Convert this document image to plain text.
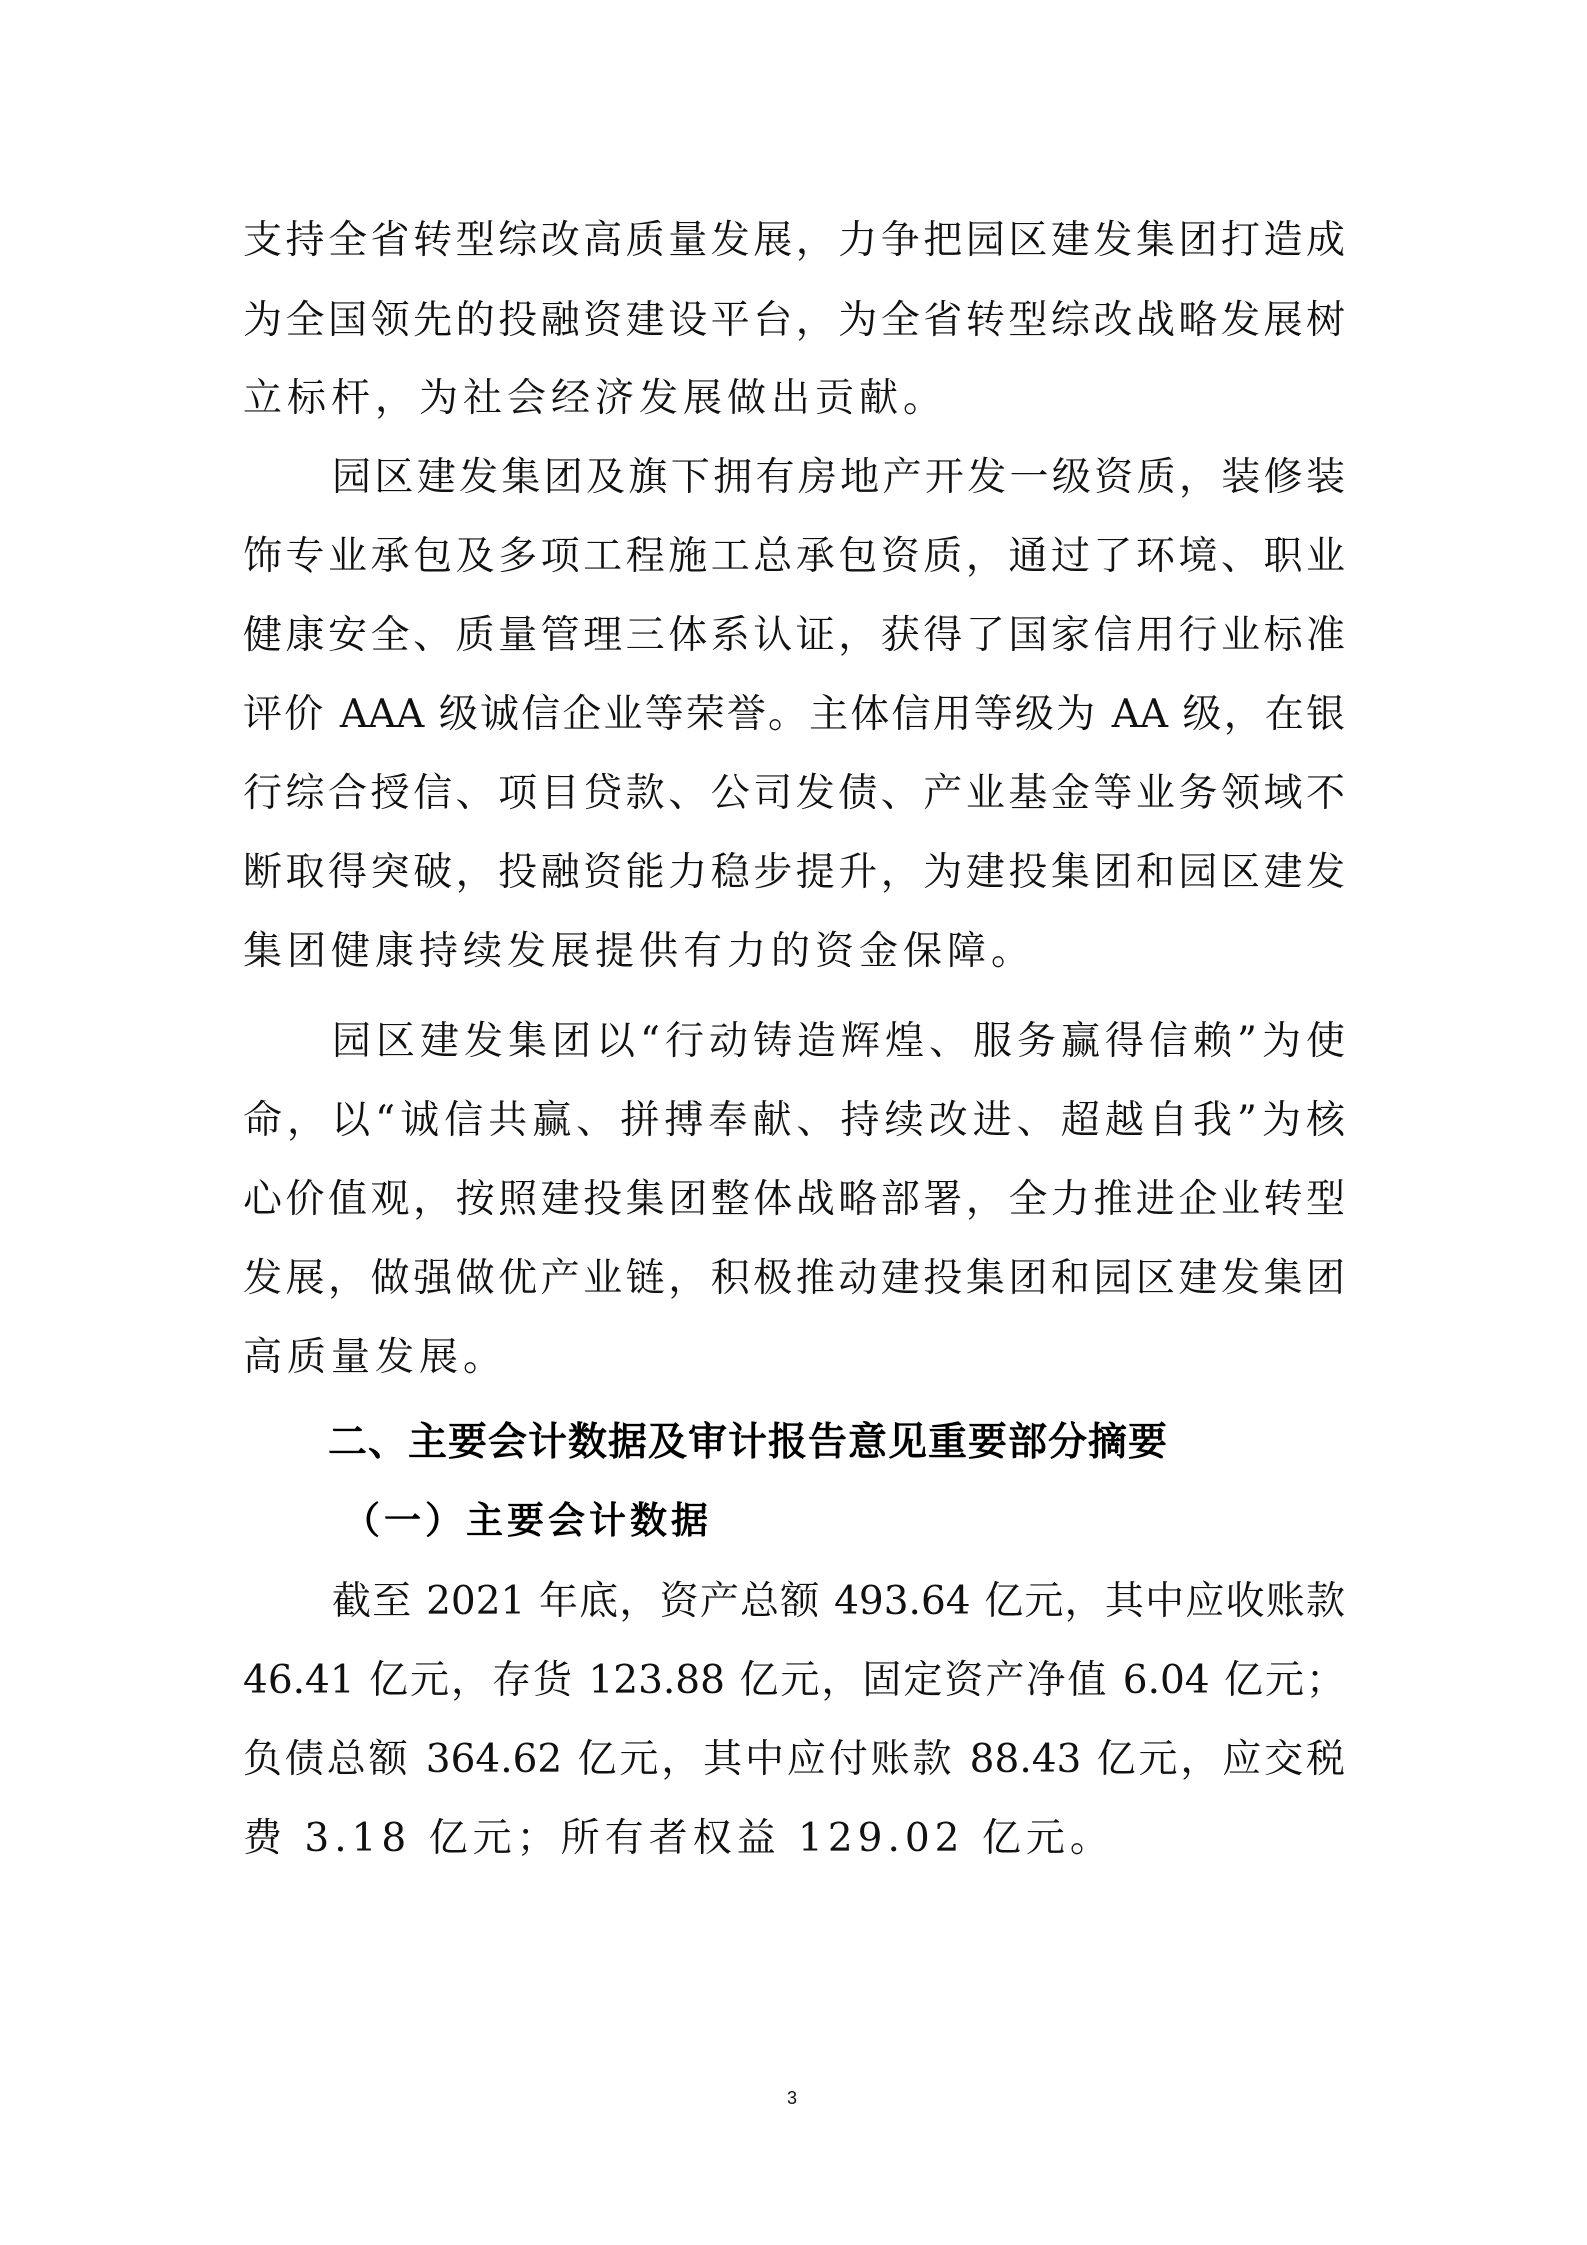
支持全省转型综改高质量发展，力争把园区建发集团打造成
为全国领先的投融资建设平台，为全省转型综改战略发展树
立标杆，为社会经济发展做出贡献。
园区建发集团及旗下拥有房地产开发一级资质，装修装
饰专业承包及多项工程施工总承包资质，通过了环境、职业
健康安全、质量管理三体系认证，获得了国家信用行业标准
评价 AAA 级诚信企业等荣誉。主体信用等级为 AA 级，在银
行综合授信、项目贷款、公司发债、产业基金等业务领域不
断取得突破，投融资能力稳步提升，为建投集团和园区建发
集团健康持续发展提供有力的资金保障。
园区建发集团以“行动铸造辉煌、服务赢得信赖”为使
命，以“诚信共赢、拼搏奉献、持续改进、超越自我”为核
心价值观，按照建投集团整体战略部署，全力推进企业转型
发展，做强做优产业链，积极推动建投集团和园区建发集团
高质量发展。
二、主要会计数据及审计报告意见重要部分摘要
（一）主要会计数据
截至 2021 年底，资产总额 493.64 亿元，其中应收账款
46.41 亿元，存货 123.88 亿元，固定资产净值 6.04 亿元；
负债总额 364.62 亿元，其中应付账款 88.43 亿元，应交税
费 3.18 亿元；所有者权益 129.02 亿元。
3
